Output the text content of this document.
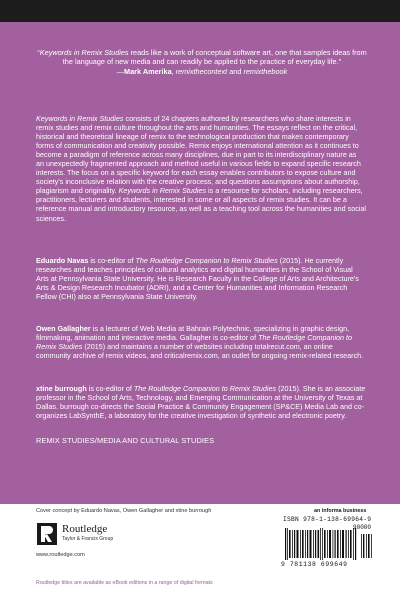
“Keywords in Remix Studies reads like a work of conceptual software art, one that samples ideas from the language of new media and can readily be applied to the practice of everyday life."
—Mark Amerika, remixthecontext and remixthebook

Keywords in Remix Studies consists of 24 chapters authored by researchers who share interests in remix studies and remix culture throughout the arts and humanities. The essays reflect on the critical, historical and theoretical lineage of remix to the technological production that makes contemporary forms of communication and creativity possible. Remix enjoys international attention as it continues to become a paradigm of reference across many disciplines, due in part to its interdisciplinary nature as an unexpectedly fragmented approach and method useful in various fields to expand specific research interests. The focus on a specific keyword for each essay enables contributors to expose culture and society's inconclusive relation with the creative process, and questions assumptions about authorship, plagiarism and originality. Keywords in Remix Studies is a resource for scholars, including researchers, practitioners, lecturers and students, interested in some or all aspects of remix studies. It can be a reference manual and introductory resource, as well as a teaching tool across the humanities and social sciences.

Eduardo Navas is co-editor of The Routledge Companion to Remix Studies (2015). He currently researches and teaches principles of cultural analytics and digital humanities in the School of Visual Arts at Pennsylvania State University. He is Research Faculty in the College of Arts and Architecture's Arts & Design Research Incubator (ADRI), and a Center for Humanities and Information Research Fellow (CHI) also at Pennsylvania State University.

Owen Gallagher is a lecturer of Web Media at Bahrain Polytechnic, specializing in graphic design, filmmaking, animation and interactive media. Gallagher is co-editor of The Routledge Companion to Remix Studies (2015) and maintains a number of websites including totalrecut.com, an online community archive of remix videos, and criticalremix.com, an outlet for ongoing remix-related research.

xtine burrough is co-editor of The Routledge Companion to Remix Studies (2015). She is an associate professor in the School of Arts, Technology, and Emerging Communication at the University of Texas at Dallas. burrough co-directs the Social Practice & Community Engagement (SP&CE) Media Lab and co-organizes LabSynthE, a laboratory for the creative investigation of synthetic and electronic poetry.

REMIX STUDIES/MEDIA AND CULTURAL STUDIES
Cover concept by Eduardo Navas, Owen Gallagher and xtine burrough	an informa business
Routledge
Taylor & Francis Group
www.routledge.com
ISBN 978-1-138-69964-9
90000
9 781138 699649
Routledge titles are available as eBook editions in a range of digital formats
